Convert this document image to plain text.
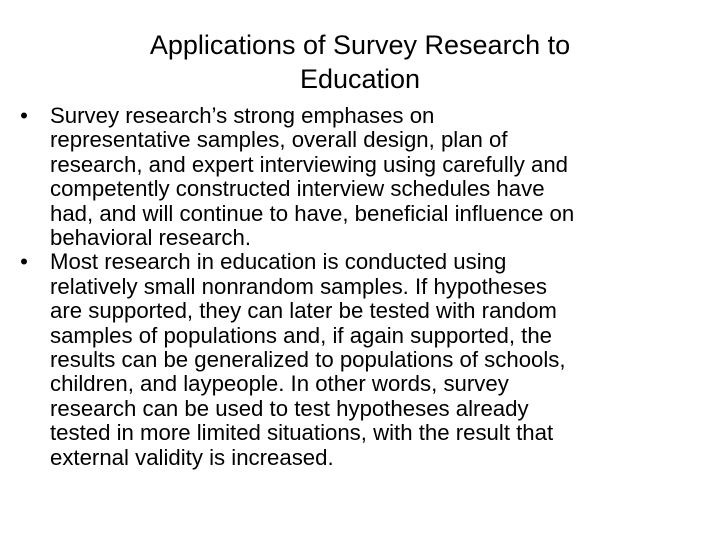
Applications of Survey Research to
Education
• Survey research’s strong emphases on
representative samples, overall design, plan of
research, and expert interviewing using carefully and
competently constructed interview schedules have
had, and will continue to have, beneficial influence on
behavioral research.
• Most research in education is conducted using
relatively small nonrandom samples. If hypotheses
are supported, they can later be tested with random
samples of populations and, if again supported, the
results can be generalized to populations of schools,
children, and laypeople. In other words, survey
research can be used to test hypotheses already
tested in more limited situations, with the result that
external validity is increased.
